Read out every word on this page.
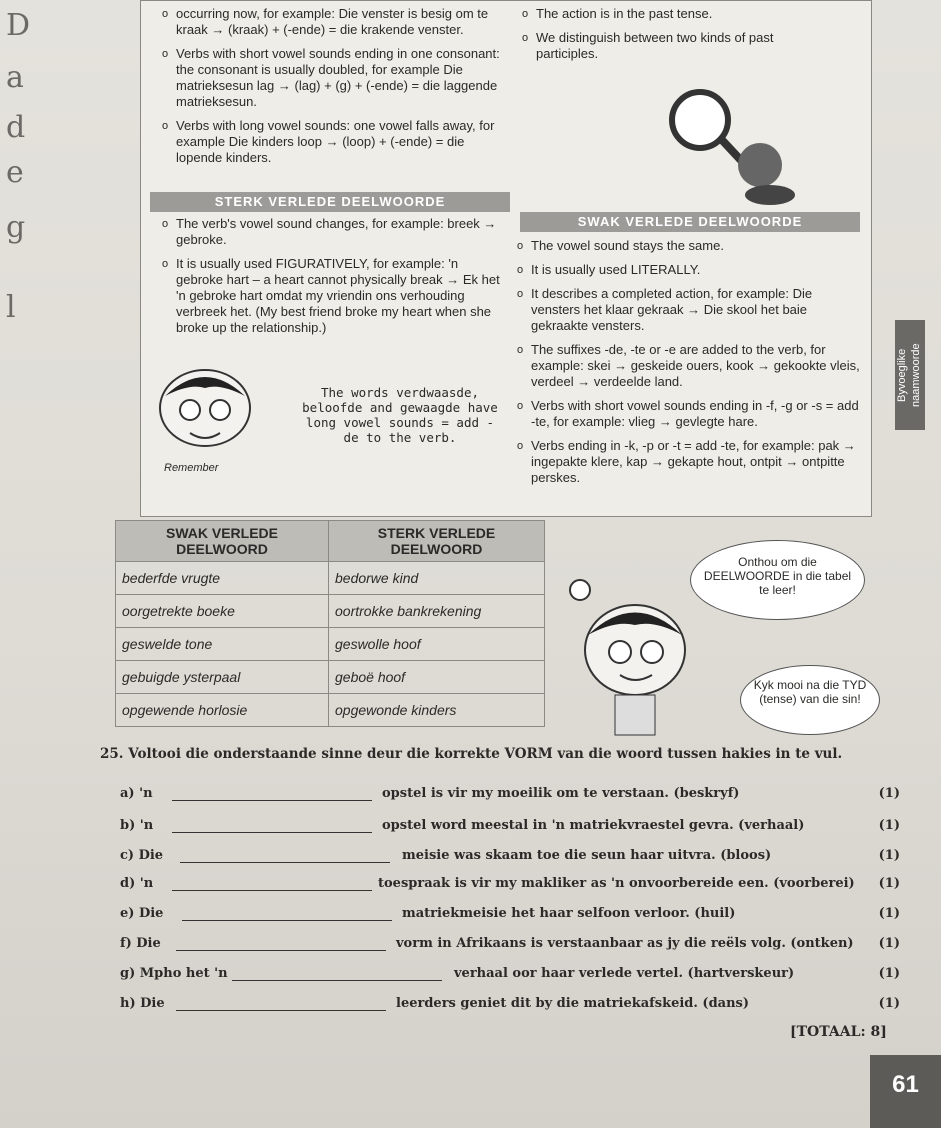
D
a
d
e
g
l
o occurring now, for example: Die venster is besig om te kraak → (kraak) + (-ende) = die krakende venster.
o Verbs with short vowel sounds ending in one consonant: the consonant is usually doubled, for example Die matrieksesun lag → (lag) + (g) + (-ende) = die laggende matrieksesun.
o Verbs with long vowel sounds: one vowel falls away, for example Die kinders loop → (loop) + (-ende) = die lopende kinders.
o The action is in the past tense.
o We distinguish between two kinds of past participles.
STERK VERLEDE DEELWOORDE
SWAK VERLEDE DEELWOORDE
o The verb's vowel sound changes, for example: breek → gebroke.
o It is usually used FIGURATIVELY, for example: 'n gebroke hart – a heart cannot physically break → Ek het 'n gebroke hart omdat my vriendin ons verhouding verbreek het. (My best friend broke my heart when she broke up the relationship.)
o The vowel sound stays the same.
o It is usually used LITERALLY.
o It describes a completed action, for example: Die vensters het klaar gekraak → Die skool het baie gekraakte vensters.
o The suffixes -de, -te or -e are added to the verb, for example: skei → geskeide ouers, kook → gekookte vleis, verdeel → verdeelde land.
o Verbs with short vowel sounds ending in -f, -g or -s = add -te, for example: vlieg → gevlegte hare.
o Verbs ending in -k, -p or -t = add -te, for example: pak → ingepakte klere, kap → gekapte hout, ontpit → ontpitte perskes.
Remember
The words verdwaasde, beloofde and gewaagde have long vowel sounds = add -de to the verb.
Byvoeglike naamwoorde
SWAK VERLEDE DEELWOORD	STERK VERLEDE DEELWOORD
bederfde vrugte	bedorwe kind
oorgetrekte boeke	oortrokke bankrekening
geswelde tone	geswolle hoof
gebuigde ysterpaal	geboë hoof
opgewende horlosie	opgewonde kinders
Onthou om die DEELWOORDE in die tabel te leer!
Kyk mooi na die TYD (tense) van die sin!
25. Voltooi die onderstaande sinne deur die korrekte VORM van die woord tussen hakies in te vul.
a) 'n	opstel is vir my moeilik om te verstaan. (beskryf)	(1)
b) 'n	opstel word meestal in 'n matriekvraestel gevra. (verhaal)	(1)
c) Die	meisie was skaam toe die seun haar uitvra. (bloos)	(1)
d) 'n	toespraak is vir my makliker as 'n onvoorbereide een. (voorberei) (1)
e) Die	matriekmeisie het haar selfoon verloor. (huil)	(1)
f) Die	vorm in Afrikaans is verstaanbaar as jy die reëls volg. (ontken) (1)
g) Mpho het 'n	verhaal oor haar verlede vertel. (hartverskeur)	(1)
h) Die	leerders geniet dit by die matriekafskeid. (dans)	(1)
[TOTAAL: 8]
61
